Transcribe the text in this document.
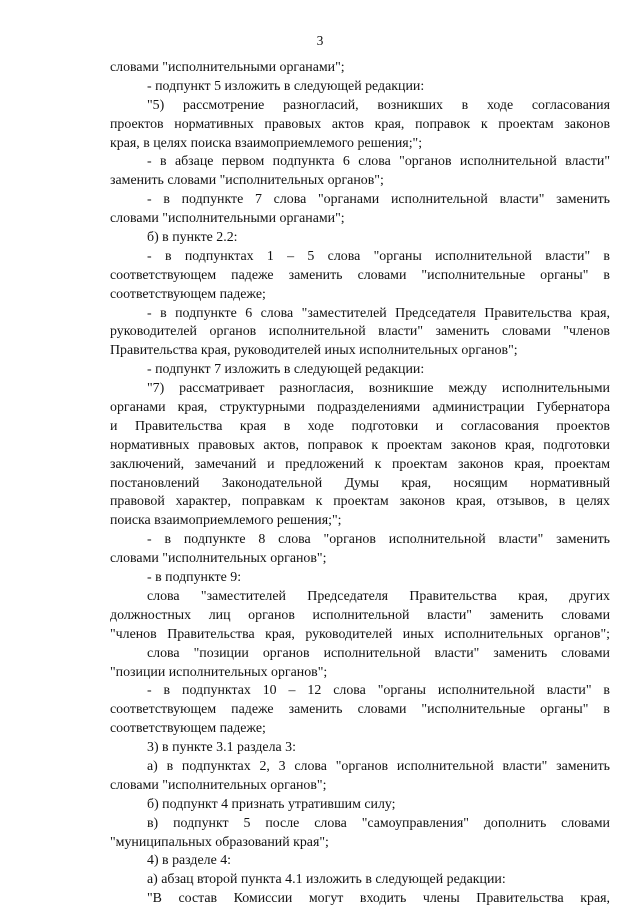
3
словами "исполнительными органами";
- подпункт 5 изложить в следующей редакции:
"5) рассмотрение разногласий, возникших в ходе согласования
проектов нормативных правовых актов края, поправок к проектам законов
края, в целях поиска взаимоприемлемого решения;";
- в абзаце первом подпункта 6 слова "органов исполнительной власти"
заменить словами "исполнительных органов";
- в подпункте 7 слова "органами исполнительной власти" заменить
словами "исполнительными органами";
б) в пункте 2.2:
- в подпунктах 1 – 5 слова "органы исполнительной власти" в
соответствующем падеже заменить словами "исполнительные органы" в
соответствующем падеже;
- в подпункте 6 слова "заместителей Председателя Правительства края,
руководителей органов исполнительной власти" заменить словами "членов
Правительства края, руководителей иных исполнительных органов";
- подпункт 7 изложить в следующей редакции:
"7) рассматривает разногласия, возникшие между исполнительными
органами края, структурными подразделениями администрации Губернатора
и Правительства края в ходе подготовки и согласования проектов
нормативных правовых актов, поправок к проектам законов края, подготовки
заключений, замечаний и предложений к проектам законов края, проектам
постановлений Законодательной Думы края, носящим нормативный
правовой характер, поправкам к проектам законов края, отзывов, в целях
поиска взаимоприемлемого решения;";
- в подпункте 8 слова "органов исполнительной власти" заменить
словами "исполнительных органов";
- в подпункте 9:
слова "заместителей Председателя Правительства края, других
должностных лиц органов исполнительной власти" заменить словами
"членов Правительства края, руководителей иных исполнительных органов";
слова "позиции органов исполнительной власти" заменить словами
"позиции исполнительных органов";
- в подпунктах 10 – 12 слова "органы исполнительной власти" в
соответствующем падеже заменить словами "исполнительные органы" в
соответствующем падеже;
3) в пункте 3.1 раздела 3:
а) в подпунктах 2, 3 слова "органов исполнительной власти" заменить
словами "исполнительных органов";
б) подпункт 4 признать утратившим силу;
в) подпункт 5 после слова "самоуправления" дополнить словами
"муниципальных образований края";
4) в разделе 4:
а) абзац второй пункта 4.1 изложить в следующей редакции:
"В состав Комиссии могут входить члены Правительства края,
